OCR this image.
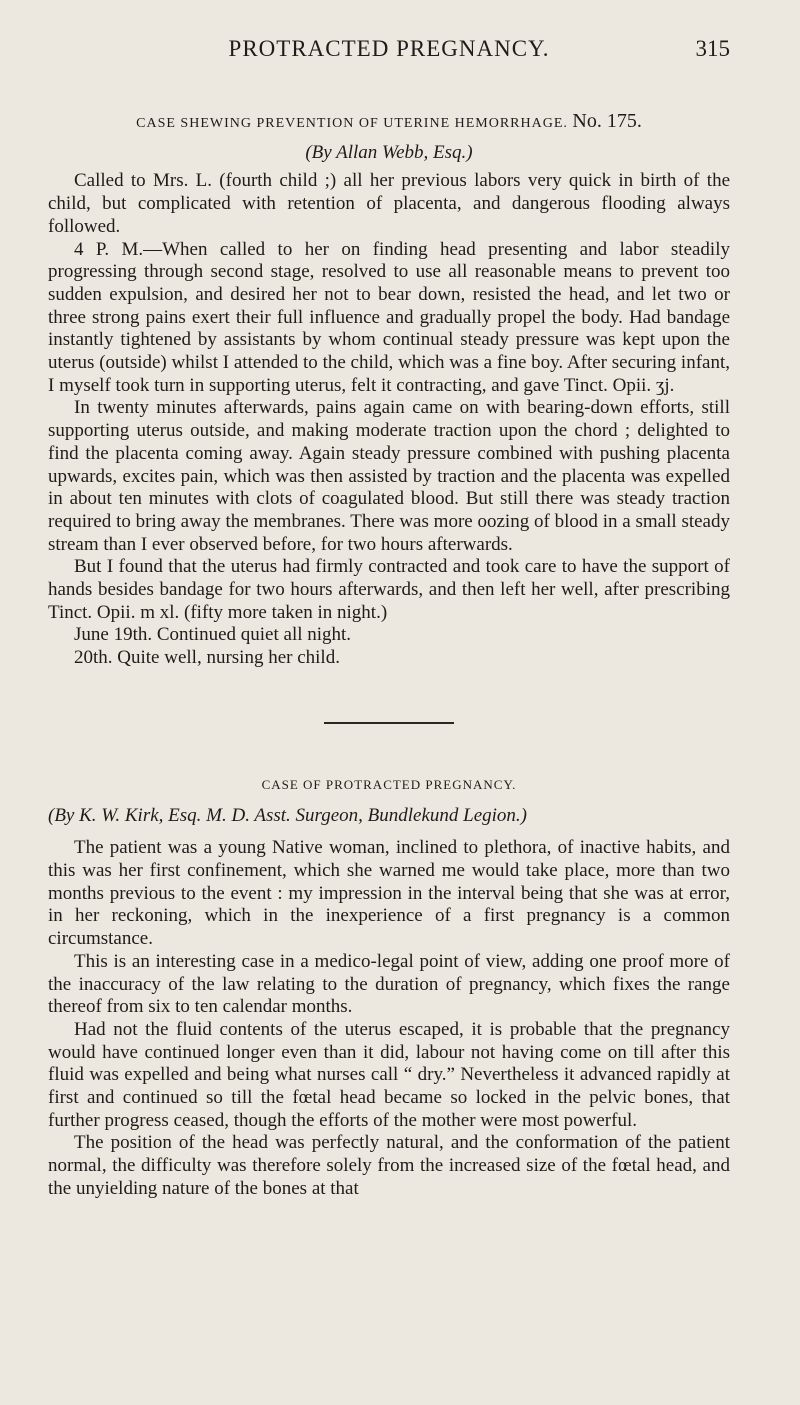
PROTRACTED PREGNANCY.	315
CASE SHEWING PREVENTION OF UTERINE HEMORRHAGE. No. 175.
(By Allan Webb, Esq.)

Called to Mrs. L. (fourth child ;) all her previous labors very quick in birth of the child, but complicated with retention of placenta, and dangerous flooding always followed.

4 P. M.—When called to her on finding head presenting and labor steadily progressing through second stage, resolved to use all reasonable means to prevent too sudden expulsion, and desired her not to bear down, resisted the head, and let two or three strong pains exert their full influence and gradually propel the body. Had bandage instantly tightened by assistants by whom continual steady pressure was kept upon the uterus (outside) whilst I attended to the child, which was a fine boy. After securing infant, I myself took turn in supporting uterus, felt it contracting, and gave Tinct. Opii. ʒj.

In twenty minutes afterwards, pains again came on with bearing-down efforts, still supporting uterus outside, and making moderate traction upon the chord ; delighted to find the placenta coming away. Again steady pressure combined with pushing placenta upwards, excites pain, which was then assisted by traction and the placenta was expelled in about ten minutes with clots of coagulated blood. But still there was steady traction required to bring away the membranes. There was more oozing of blood in a small steady stream than I ever observed before, for two hours afterwards.

But I found that the uterus had firmly contracted and took care to have the support of hands besides bandage for two hours afterwards, and then left her well, after prescribing Tinct. Opii. m xl. (fifty more taken in night.)

June 19th. Continued quiet all night.
20th. Quite well, nursing her child.
CASE OF PROTRACTED PREGNANCY.
(By K. W. Kirk, Esq. M. D. Asst. Surgeon, Bundlekund Legion.)

The patient was a young Native woman, inclined to plethora, of inactive habits, and this was her first confinement, which she warned me would take place, more than two months previous to the event : my impression in the interval being that she was at error, in her reckoning, which in the inexperience of a first pregnancy is a common circumstance.

This is an interesting case in a medico-legal point of view, adding one proof more of the inaccuracy of the law relating to the duration of pregnancy, which fixes the range thereof from six to ten calendar months.

Had not the fluid contents of the uterus escaped, it is probable that the pregnancy would have continued longer even than it did, labour not having come on till after this fluid was expelled and being what nurses call “ dry.” Nevertheless it advanced rapidly at first and continued so till the fœtal head became so locked in the pelvic bones, that further progress ceased, though the efforts of the mother were most powerful.

The position of the head was perfectly natural, and the conformation of the patient normal, the difficulty was therefore solely from the increased size of the fœtal head, and the unyielding nature of the bones at that
